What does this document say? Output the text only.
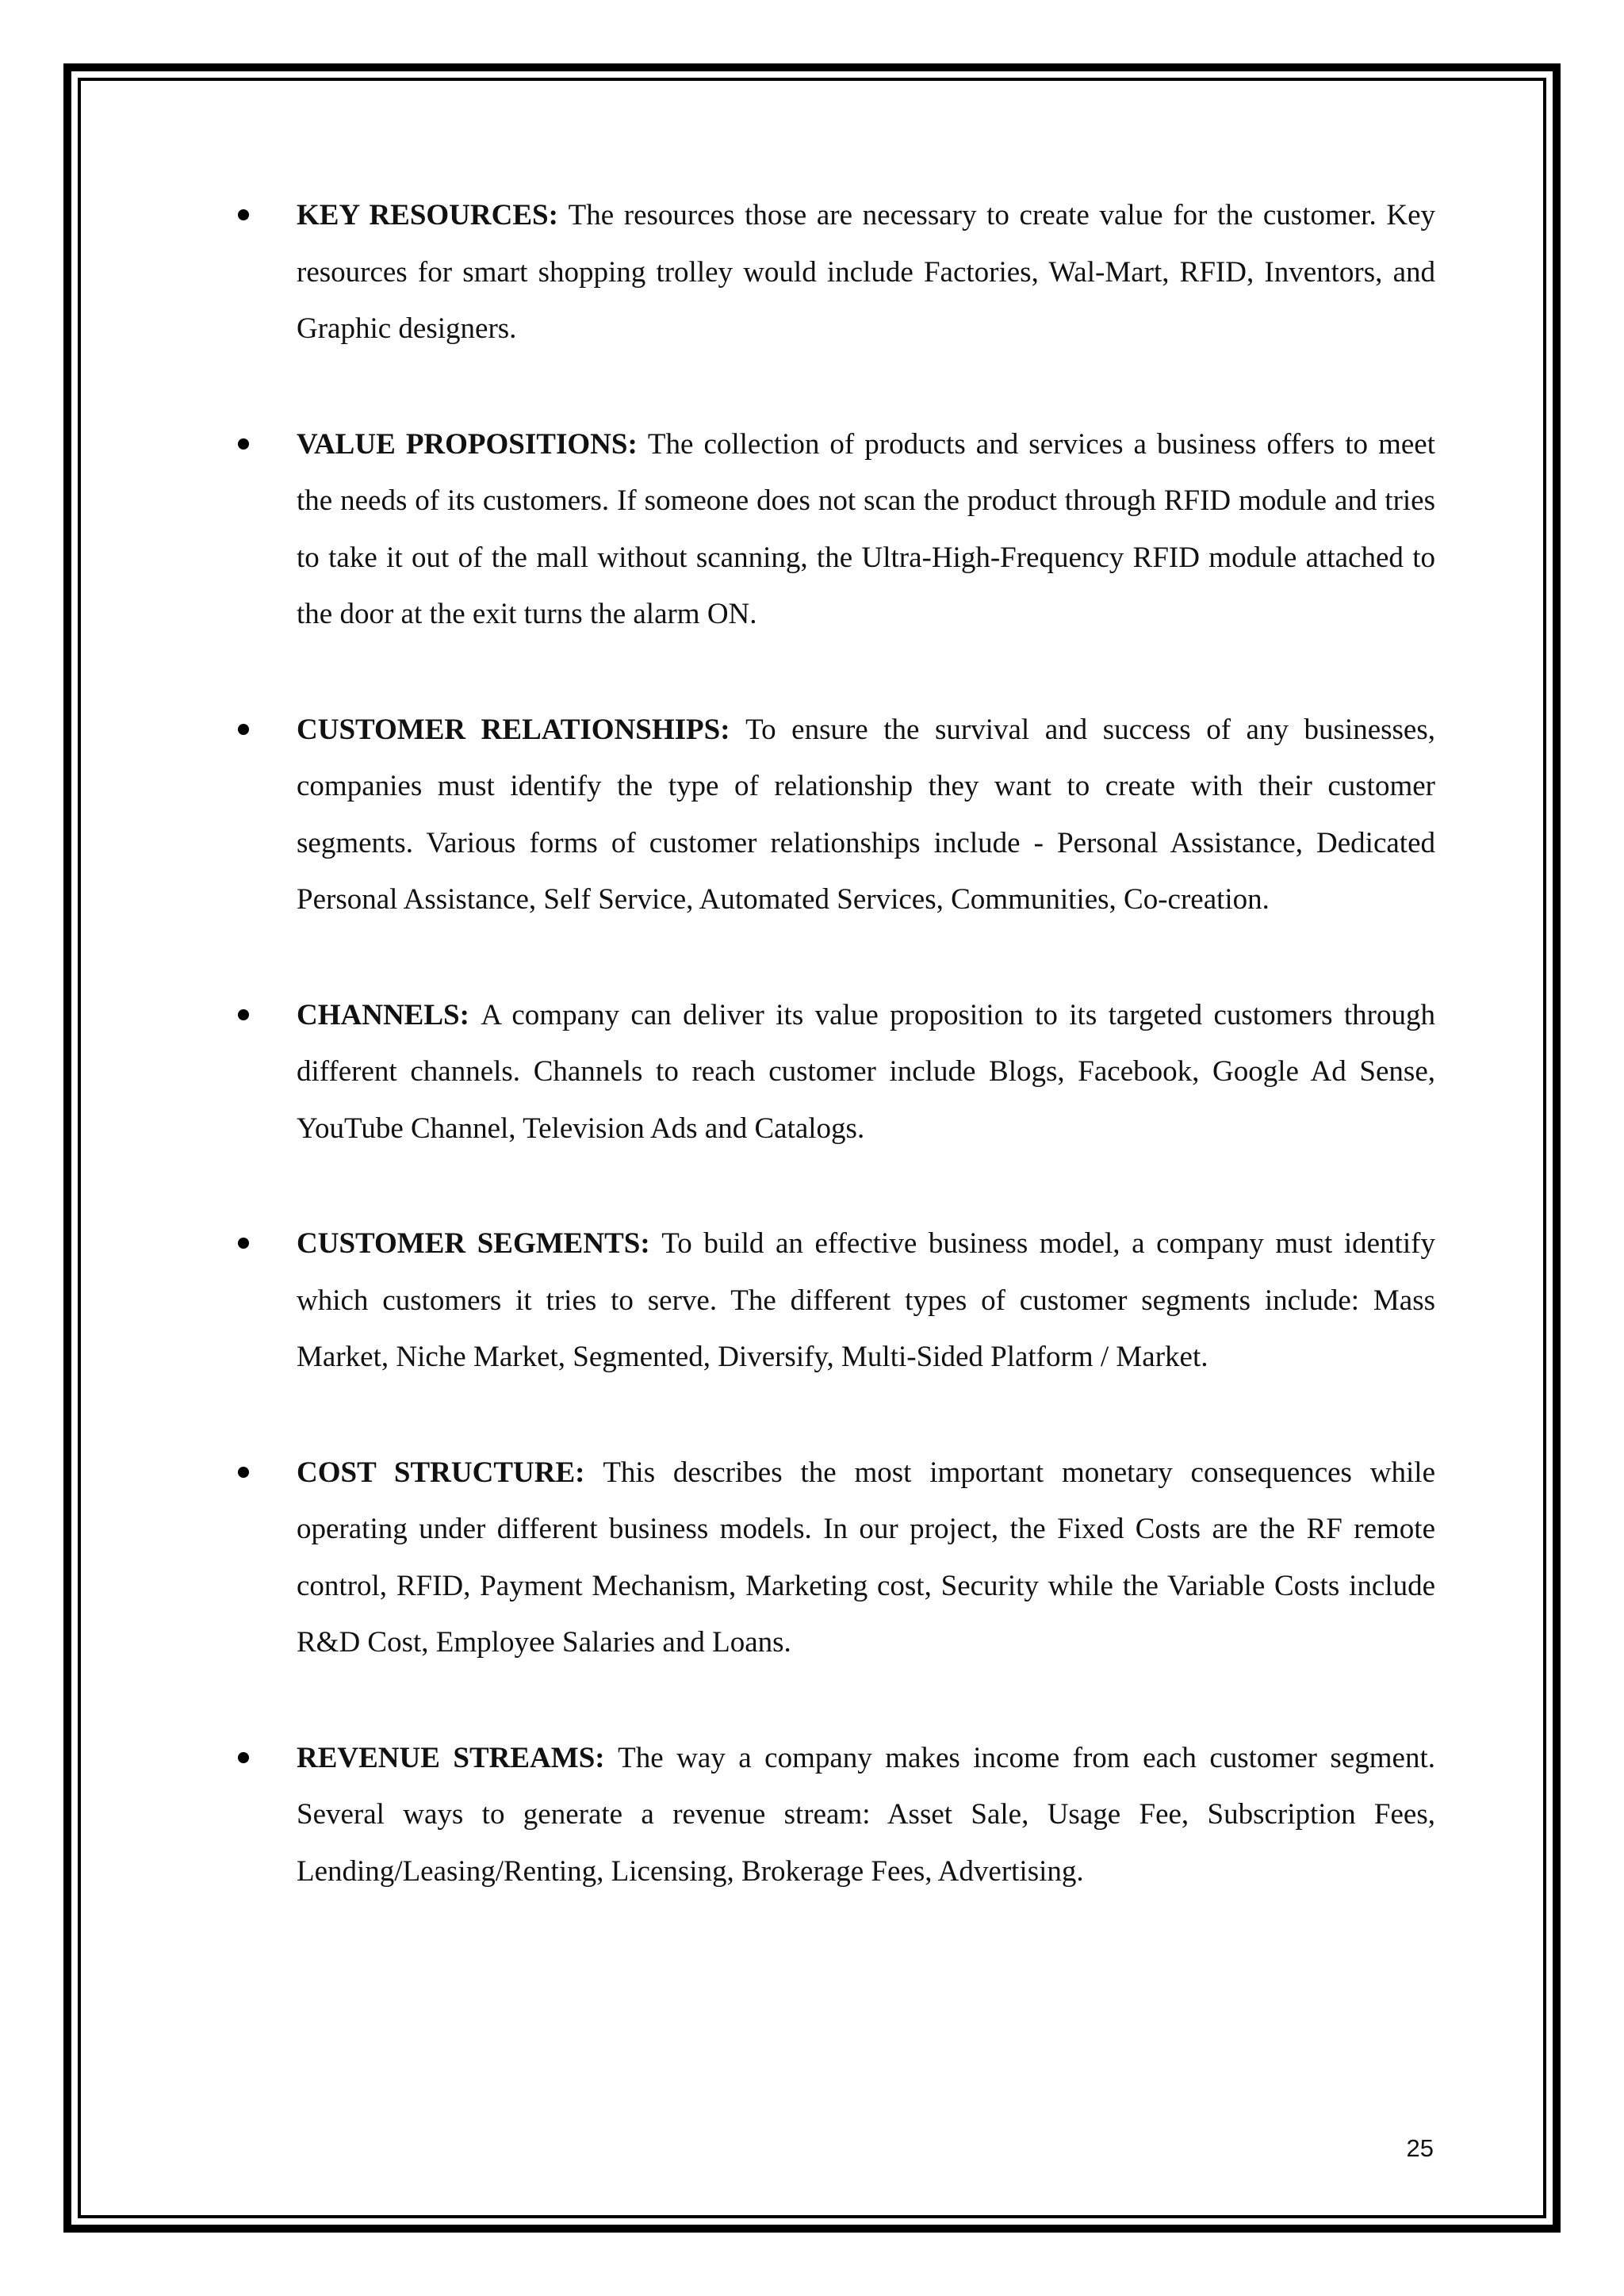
KEY RESOURCES: The resources those are necessary to create value for the customer. Key resources for smart shopping trolley would include Factories, Wal-Mart, RFID, Inventors, and Graphic designers.
VALUE PROPOSITIONS: The collection of products and services a business offers to meet the needs of its customers. If someone does not scan the product through RFID module and tries to take it out of the mall without scanning, the Ultra-High-Frequency RFID module attached to the door at the exit turns the alarm ON.
CUSTOMER RELATIONSHIPS: To ensure the survival and success of any businesses, companies must identify the type of relationship they want to create with their customer segments. Various forms of customer relationships include - Personal Assistance, Dedicated Personal Assistance, Self Service, Automated Services, Communities, Co-creation.
CHANNELS: A company can deliver its value proposition to its targeted customers through different channels. Channels to reach customer include Blogs, Facebook, Google Ad Sense, YouTube Channel, Television Ads and Catalogs.
CUSTOMER SEGMENTS: To build an effective business model, a company must identify which customers it tries to serve. The different types of customer segments include: Mass Market, Niche Market, Segmented, Diversify, Multi-Sided Platform / Market.
COST STRUCTURE: This describes the most important monetary consequences while operating under different business models. In our project, the Fixed Costs are the RF remote control, RFID, Payment Mechanism, Marketing cost, Security while the Variable Costs include R&D Cost, Employee Salaries and Loans.
REVENUE STREAMS: The way a company makes income from each customer segment. Several ways to generate a revenue stream: Asset Sale, Usage Fee, Subscription Fees, Lending/Leasing/Renting, Licensing, Brokerage Fees, Advertising.
25
